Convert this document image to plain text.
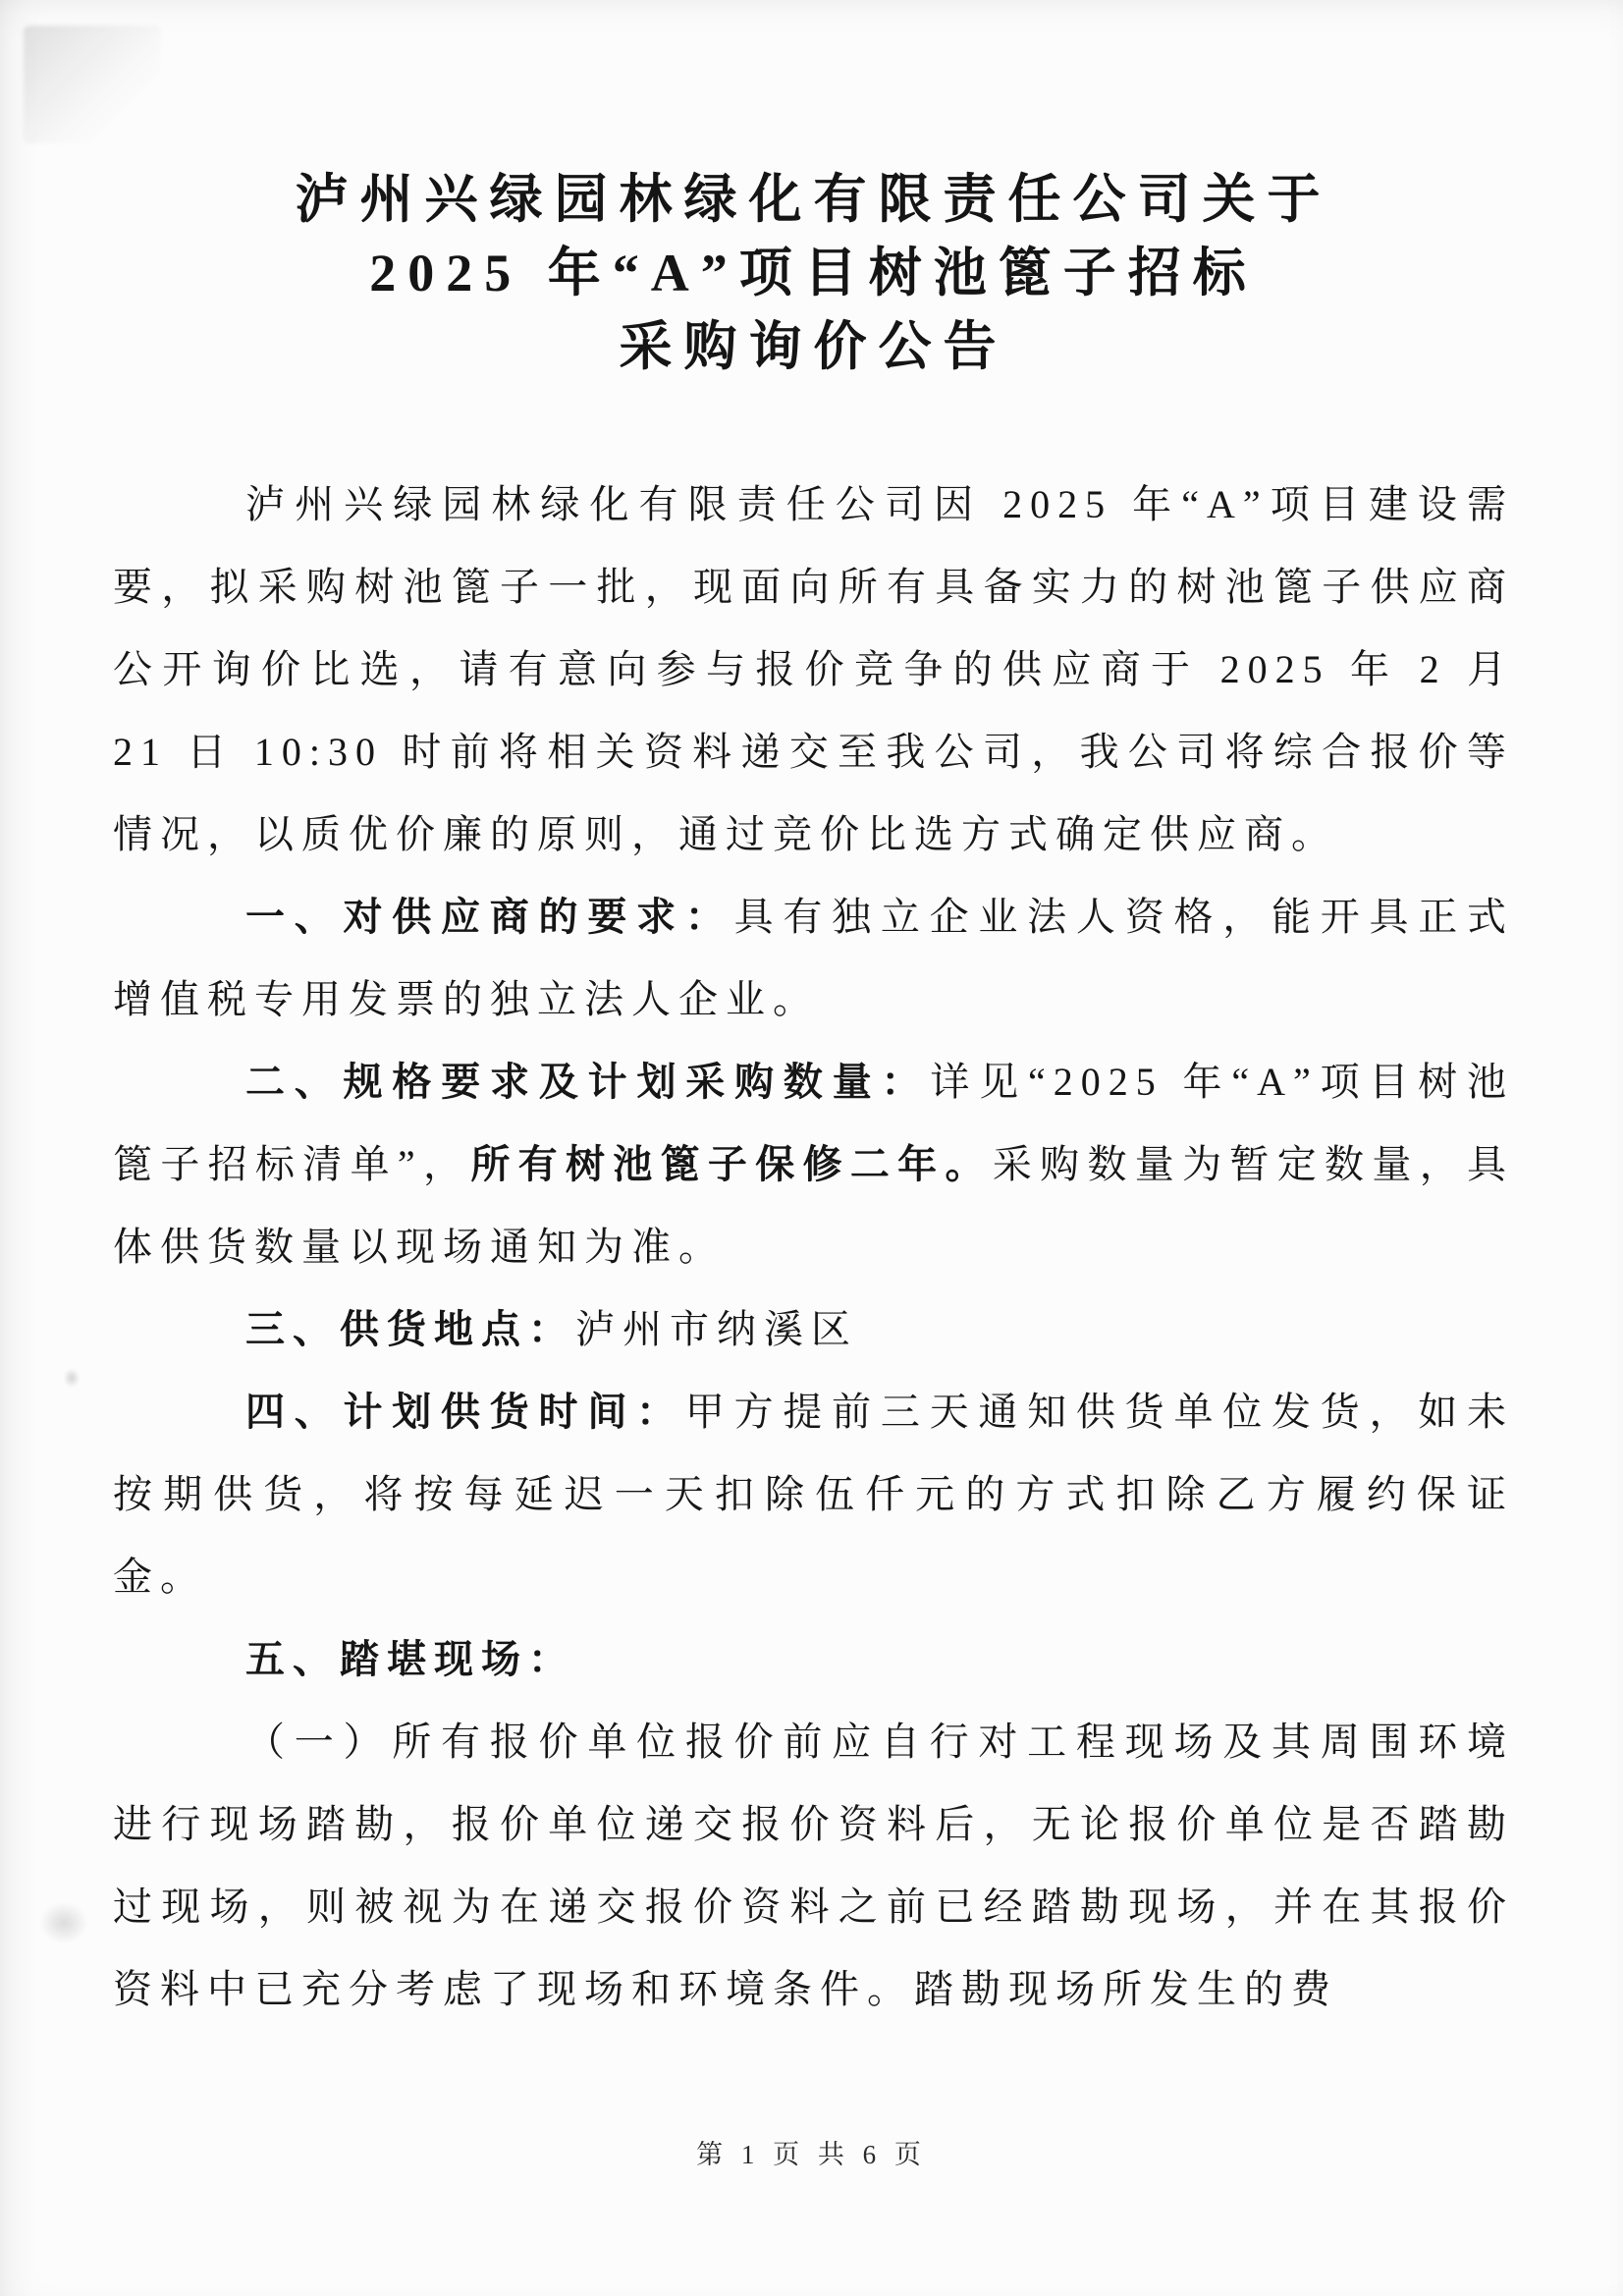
泸州兴绿园林绿化有限责任公司关于
2025 年“A”项目树池篦子招标
采购询价公告

泸州兴绿园林绿化有限责任公司因 2025 年“A”项目建设需要，拟采购树池篦子一批，现面向所有具备实力的树池篦子供应商公开询价比选，请有意向参与报价竞争的供应商于 2025 年 2 月 21 日 10:30 时前将相关资料递交至我公司，我公司将综合报价等情况，以质优价廉的原则，通过竞价比选方式确定供应商。

一、对供应商的要求：具有独立企业法人资格，能开具正式增值税专用发票的独立法人企业。

二、规格要求及计划采购数量：详见“2025 年“A”项目树池篦子招标清单”，所有树池篦子保修二年。采购数量为暂定数量，具体供货数量以现场通知为准。

三、供货地点：泸州市纳溪区

四、计划供货时间：甲方提前三天通知供货单位发货，如未按期供货，将按每延迟一天扣除伍仟元的方式扣除乙方履约保证金。

五、踏堪现场：

（一）所有报价单位报价前应自行对工程现场及其周围环境进行现场踏勘，报价单位递交报价资料后，无论报价单位是否踏勘过现场，则被视为在递交报价资料之前已经踏勘现场，并在其报价资料中已充分考虑了现场和环境条件。踏勘现场所发生的费

第 1 页 共 6 页
